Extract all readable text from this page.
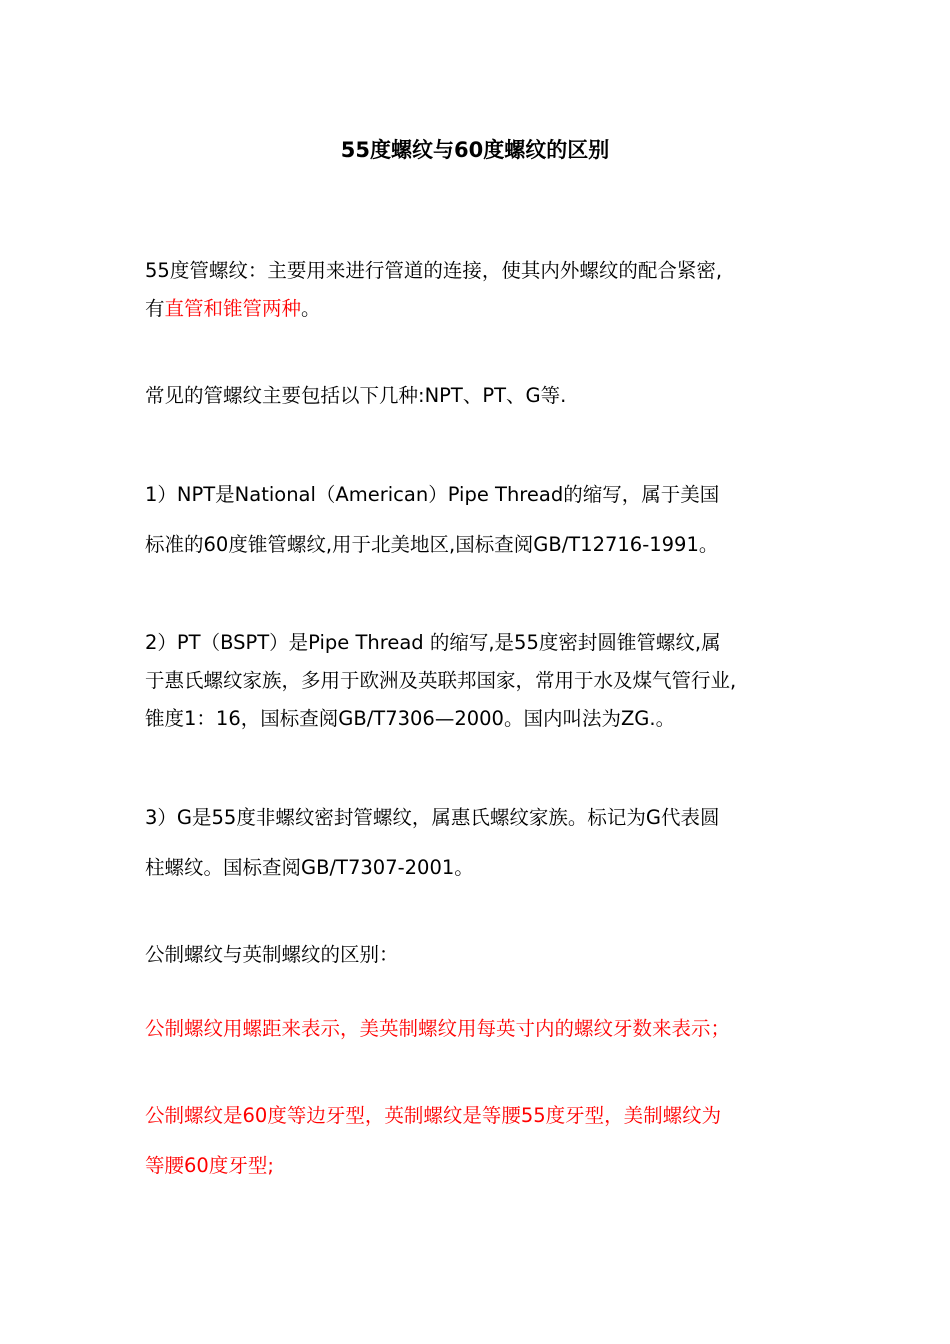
55度螺纹与60度螺纹的区别
55度管螺纹：主要用来进行管道的连接，使其内外螺纹的配合紧密,
有直管和锥管两种。
常见的管螺纹主要包括以下几种:NPT、PT、G等.
1）NPT是National（American）Pipe Thread的缩写，属于美国
标准的60度锥管螺纹,用于北美地区,国标查阅GB/T12716-1991。
2）PT（BSPT）是Pipe Thread 的缩写,是55度密封圆锥管螺纹,属
于惠氏螺纹家族，多用于欧洲及英联邦国家，常用于水及煤气管行业,
锥度1：16，国标查阅GB/T7306—2000。国内叫法为ZG.。
3）G是55度非螺纹密封管螺纹，属惠氏螺纹家族。标记为G代表圆
柱螺纹。国标查阅GB/T7307-2001。
公制螺纹与英制螺纹的区别：
公制螺纹用螺距来表示，美英制螺纹用每英寸内的螺纹牙数来表示；
公制螺纹是60度等边牙型，英制螺纹是等腰55度牙型，美制螺纹为
等腰60度牙型;
